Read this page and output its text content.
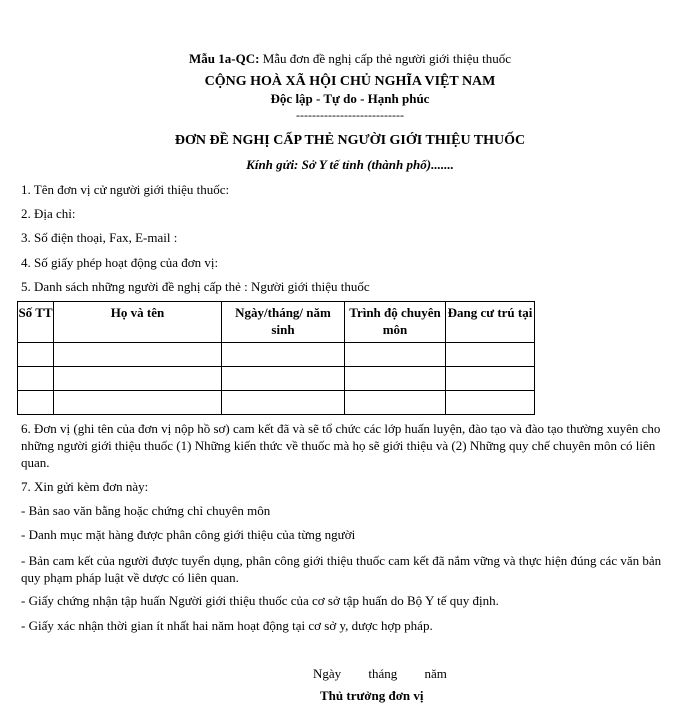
Mẫu 1a-QC: Mẫu đơn đề nghị cấp thẻ người giới thiệu thuốc
CỘNG HOÀ XÃ HỘI CHỦ NGHĨA VIỆT NAM
Độc lập - Tự do - Hạnh phúc
---------------------------
ĐƠN ĐỀ NGHỊ CẤP THẺ NGƯỜI GIỚI THIỆU THUỐC
Kính gửi: Sở Y tế tỉnh (thành phố).......
1. Tên đơn vị cử người giới thiệu thuốc:
2. Địa chỉ:
3. Số điện thoại, Fax, E-mail :
4. Số giấy phép hoạt động của đơn vị:
5. Danh sách những người đề nghị cấp thẻ : Người giới thiệu thuốc
Số TT	Họ và tên	Ngày/tháng/ năm sinh	Trình độ chuyên môn	Đang cư trú tại

6. Đơn vị (ghi tên của đơn vị nộp hồ sơ) cam kết đã và sẽ tổ chức các lớp huấn luyện, đào tạo và đào tạo thường xuyên cho những người giới thiệu thuốc (1) Những kiến thức về thuốc mà họ sẽ giới thiệu và (2) Những quy chế chuyên môn có liên quan.
7. Xin gửi kèm đơn này:
- Bản sao văn bằng hoặc chứng chỉ chuyên môn
- Danh mục mặt hàng được phân công giới thiệu của từng người
- Bản cam kết của người được tuyển dụng, phân công giới thiệu thuốc cam kết đã nắm vững và thực hiện đúng các văn bản quy phạm pháp luật về dược có liên quan.
- Giấy chứng nhận tập huấn Người giới thiệu thuốc của cơ sở tập huấn do Bộ Y tế quy định.
- Giấy xác nhận thời gian ít nhất hai năm hoạt động tại cơ sở y, dược hợp pháp.
Ngày tháng năm
Thủ trưởng đơn vị
